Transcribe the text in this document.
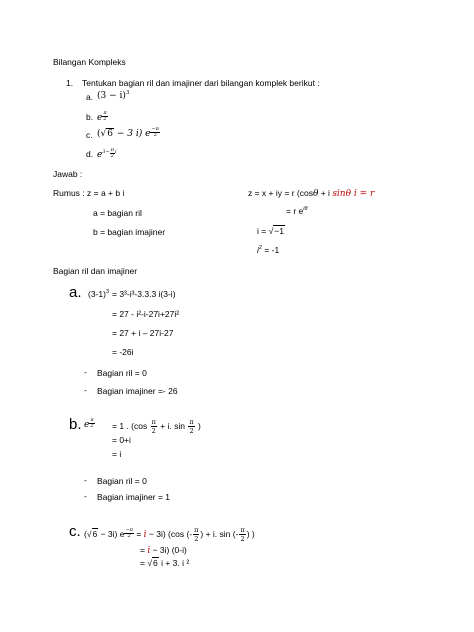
Bilangan Kompleks
1. Tentukan bagian ril dan imajiner dari bilangan komplek berikut :
a. $(3 - i)^3$
b. e $\frac{\pi}{2}$
c. (√6 − 3 i) e $\frac{-\pi}{2}$
d. $e^{3-} \frac{\pi}{2} ^i$
Jawab :
Rumus : z = a + b i	z = x + iy = r (cosθ + i sinθ i = r
a = bagian ril	= r $e^{i\theta}$
b = bagian imajiner	i = √−1
$i^2 = -1$
Bagian ril dan imajiner
a. $(3-1)^3 = 3^3-i^3-3.3.3$ i(3-i)
= 27 - i²-i-27i+27i²
= 27 + i – 27i-27
= -26i
- Bagian ril = 0
- Bagian imajiner =- 26
b. e $\frac{\pi}{2} = 1$ . ($\cos \frac{\pi}{2} + i$. $\sin \frac{\pi}{2}$ )
= 0+i
= i
- Bagian ril = 0
- Bagian imajiner = 1
c. (√6 − 3i) e $\frac{-\pi}{2} = i - 3i$) (cos (- $\frac{\pi}{2}$ ) + i. sin (- $\frac{\pi}{2}$ ) )
= i − 3i) (0-i)
= √6 i + 3. i ²
